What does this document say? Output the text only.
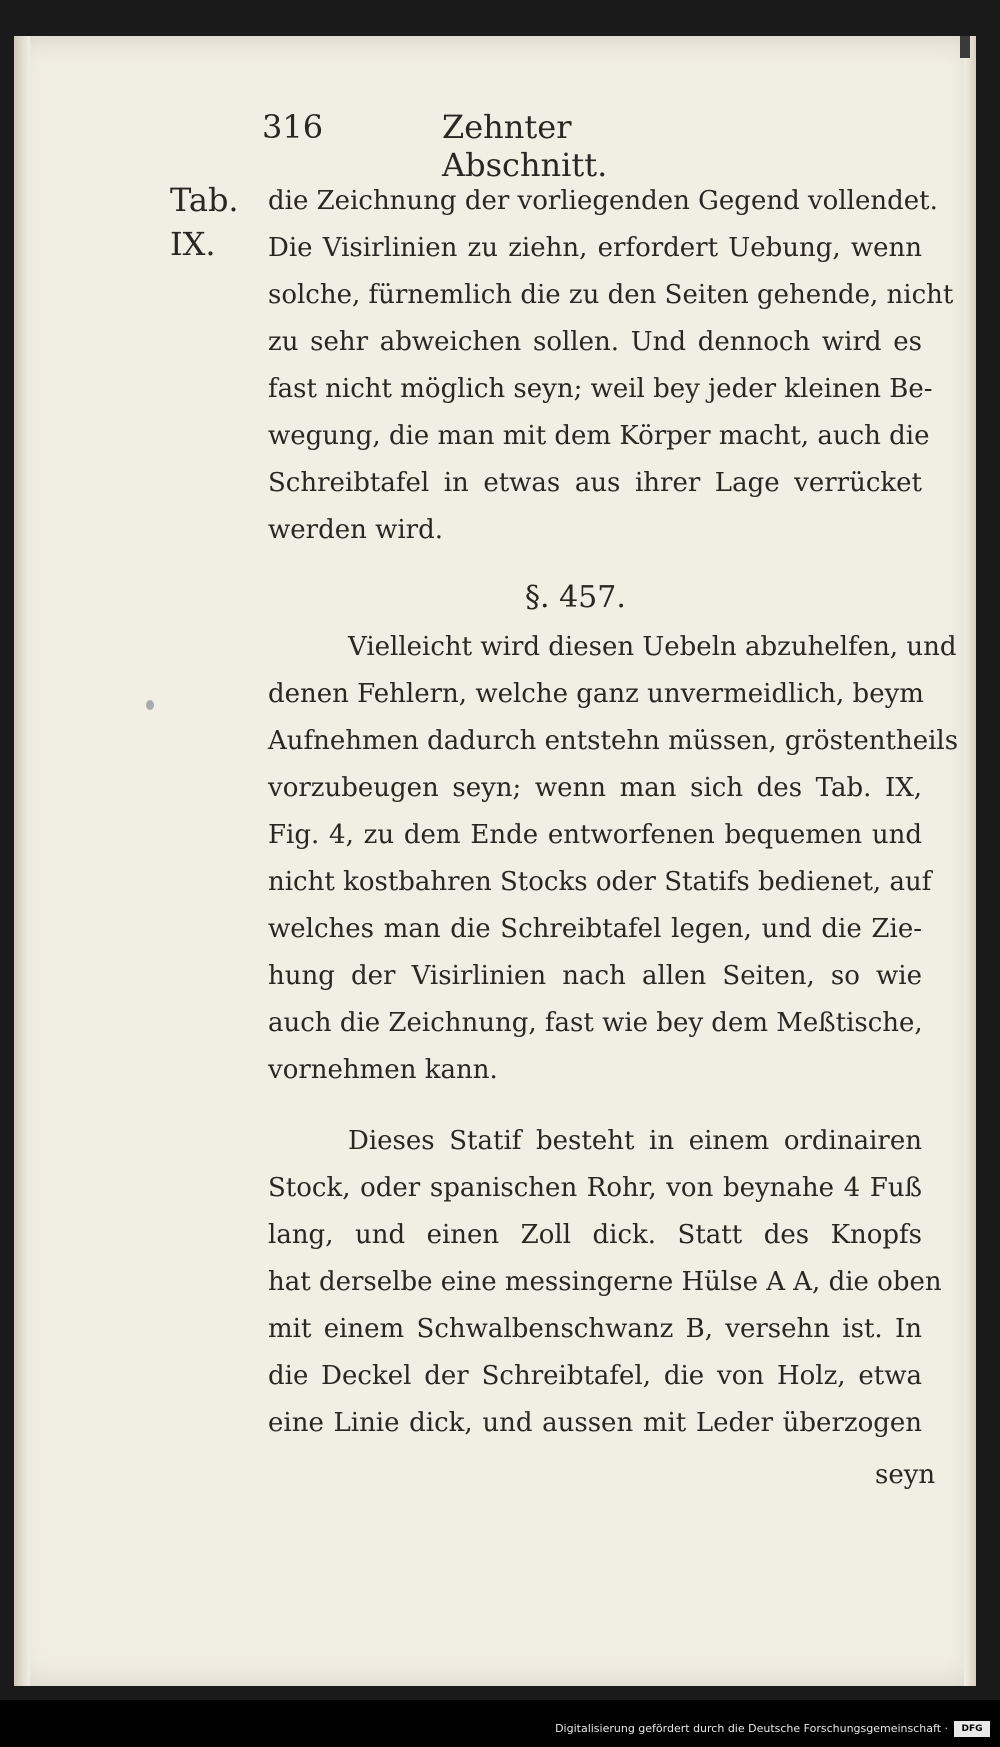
316	Zehnter Abschnitt.
Tab.
IX.
die Zeichnung der vorliegenden Gegend vollendet.
Die Visirlinien zu ziehn, erfordert Uebung, wenn
solche, fürnemlich die zu den Seiten gehende, nicht
zu sehr abweichen sollen. Und dennoch wird es
fast nicht möglich seyn; weil bey jeder kleinen Be-
wegung, die man mit dem Körper macht, auch die
Schreibtafel in etwas aus ihrer Lage verrücket
werden wird.
§. 457.
Vielleicht wird diesen Uebeln abzuhelfen, und
denen Fehlern, welche ganz unvermeidlich, beym
Aufnehmen dadurch entstehn müssen, gröstentheils
vorzubeugen seyn; wenn man sich des Tab. IX,
Fig. 4, zu dem Ende entworfenen bequemen und
nicht kostbahren Stocks oder Statifs bedienet, auf
welches man die Schreibtafel legen, und die Zie-
hung der Visirlinien nach allen Seiten, so wie
auch die Zeichnung, fast wie bey dem Meßtische,
vornehmen kann.
Dieses Statif besteht in einem ordinairen
Stock, oder spanischen Rohr, von beynahe 4 Fuß
lang, und einen Zoll dick. Statt des Knopfs
hat derselbe eine messingerne Hülse A A, die oben
mit einem Schwalbenschwanz B, versehn ist. In
die Deckel der Schreibtafel, die von Holz, etwa
eine Linie dick, und aussen mit Leder überzogen
seyn
Digitalisierung gefördert durch die Deutsche Forschungsgemeinschaft ·	DFG
